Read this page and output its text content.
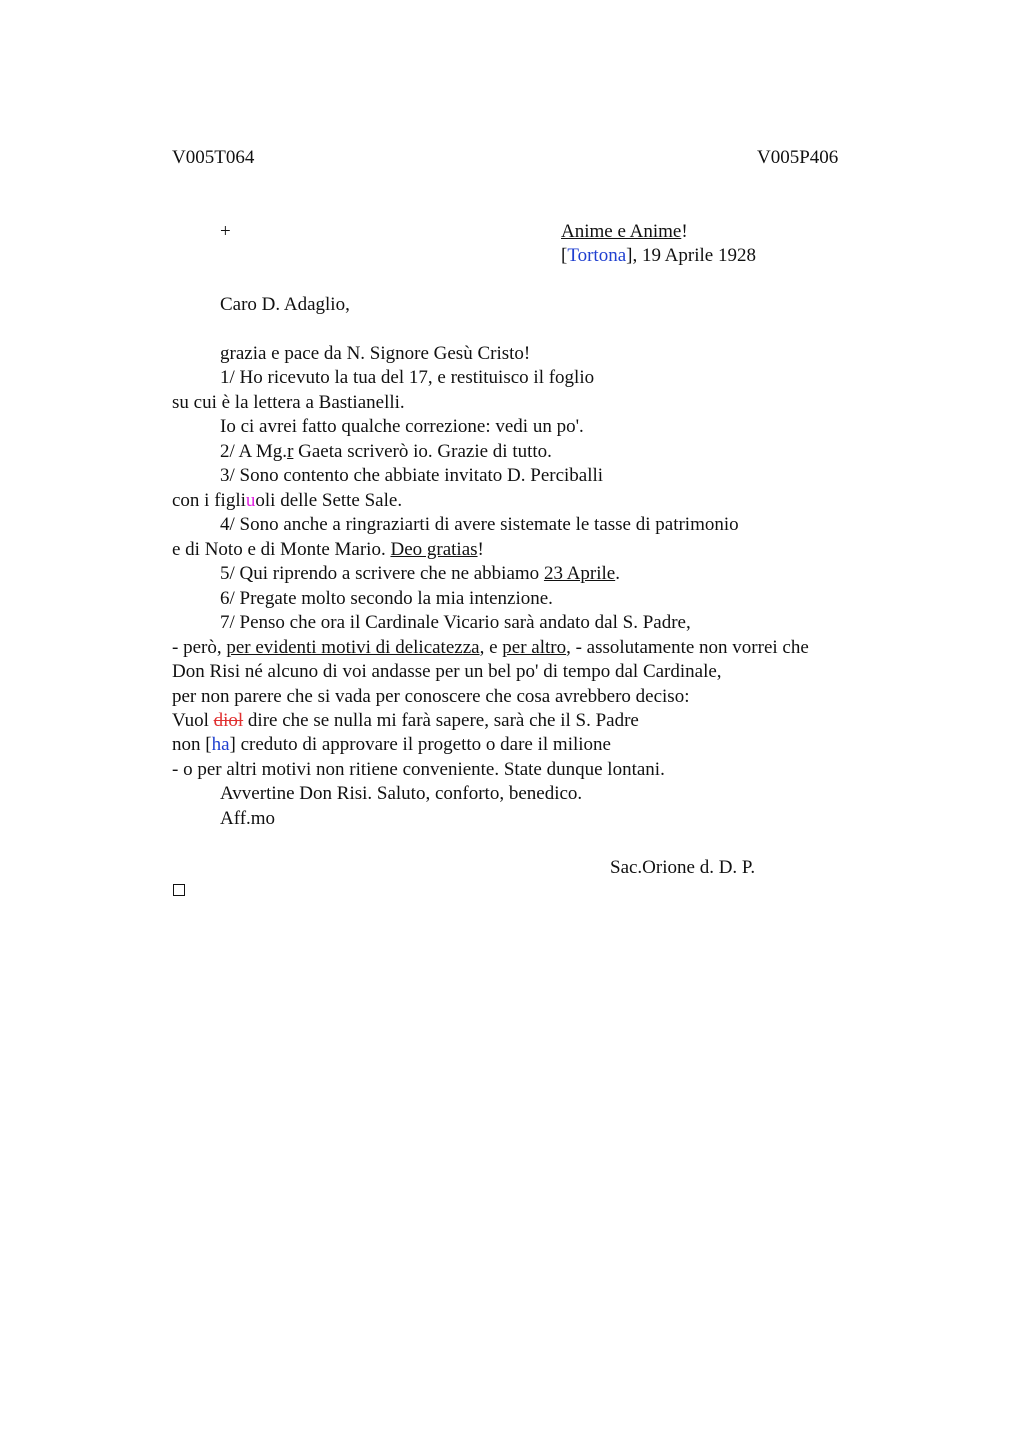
V005T064	V005P406
+	Anime e Anime!
[Tortona], 19 Aprile 1928
Caro D. Adaglio,
grazia e pace da N. Signore Gesù Cristo!
1/ Ho ricevuto la tua del 17, e restituisco il foglio
su cui è la lettera a Bastianelli.
Io ci avrei fatto qualche correzione: vedi un po'.
2/ A Mg.r Gaeta scriverò io. Grazie di tutto.
3/ Sono contento che abbiate invitato D. Perciballi
con i figliuoli delle Sette Sale.
4/ Sono anche a ringraziarti di avere sistemate le tasse di patrimonio
e di Noto e di Monte Mario. Deo gratias!
5/ Qui riprendo a scrivere che ne abbiamo 23 Aprile.
6/ Pregate molto secondo la mia intenzione.
7/ Penso che ora il Cardinale Vicario sarà andato dal S. Padre,
- però, per evidenti motivi di delicatezza, e per altro, - assolutamente non vorrei che
Don Risi né alcuno di voi andasse per un bel po' di tempo dal Cardinale,
per non parere che si vada per conoscere che cosa avrebbero deciso:
Vuol diol dire che se nulla mi farà sapere, sarà che il S. Padre
non [ha] creduto di approvare il progetto o dare il milione
- o per altri motivi non ritiene conveniente. State dunque lontani.
Avvertine Don Risi. Saluto, conforto, benedico.
Aff.mo
Sac.Orione d. D. P.
